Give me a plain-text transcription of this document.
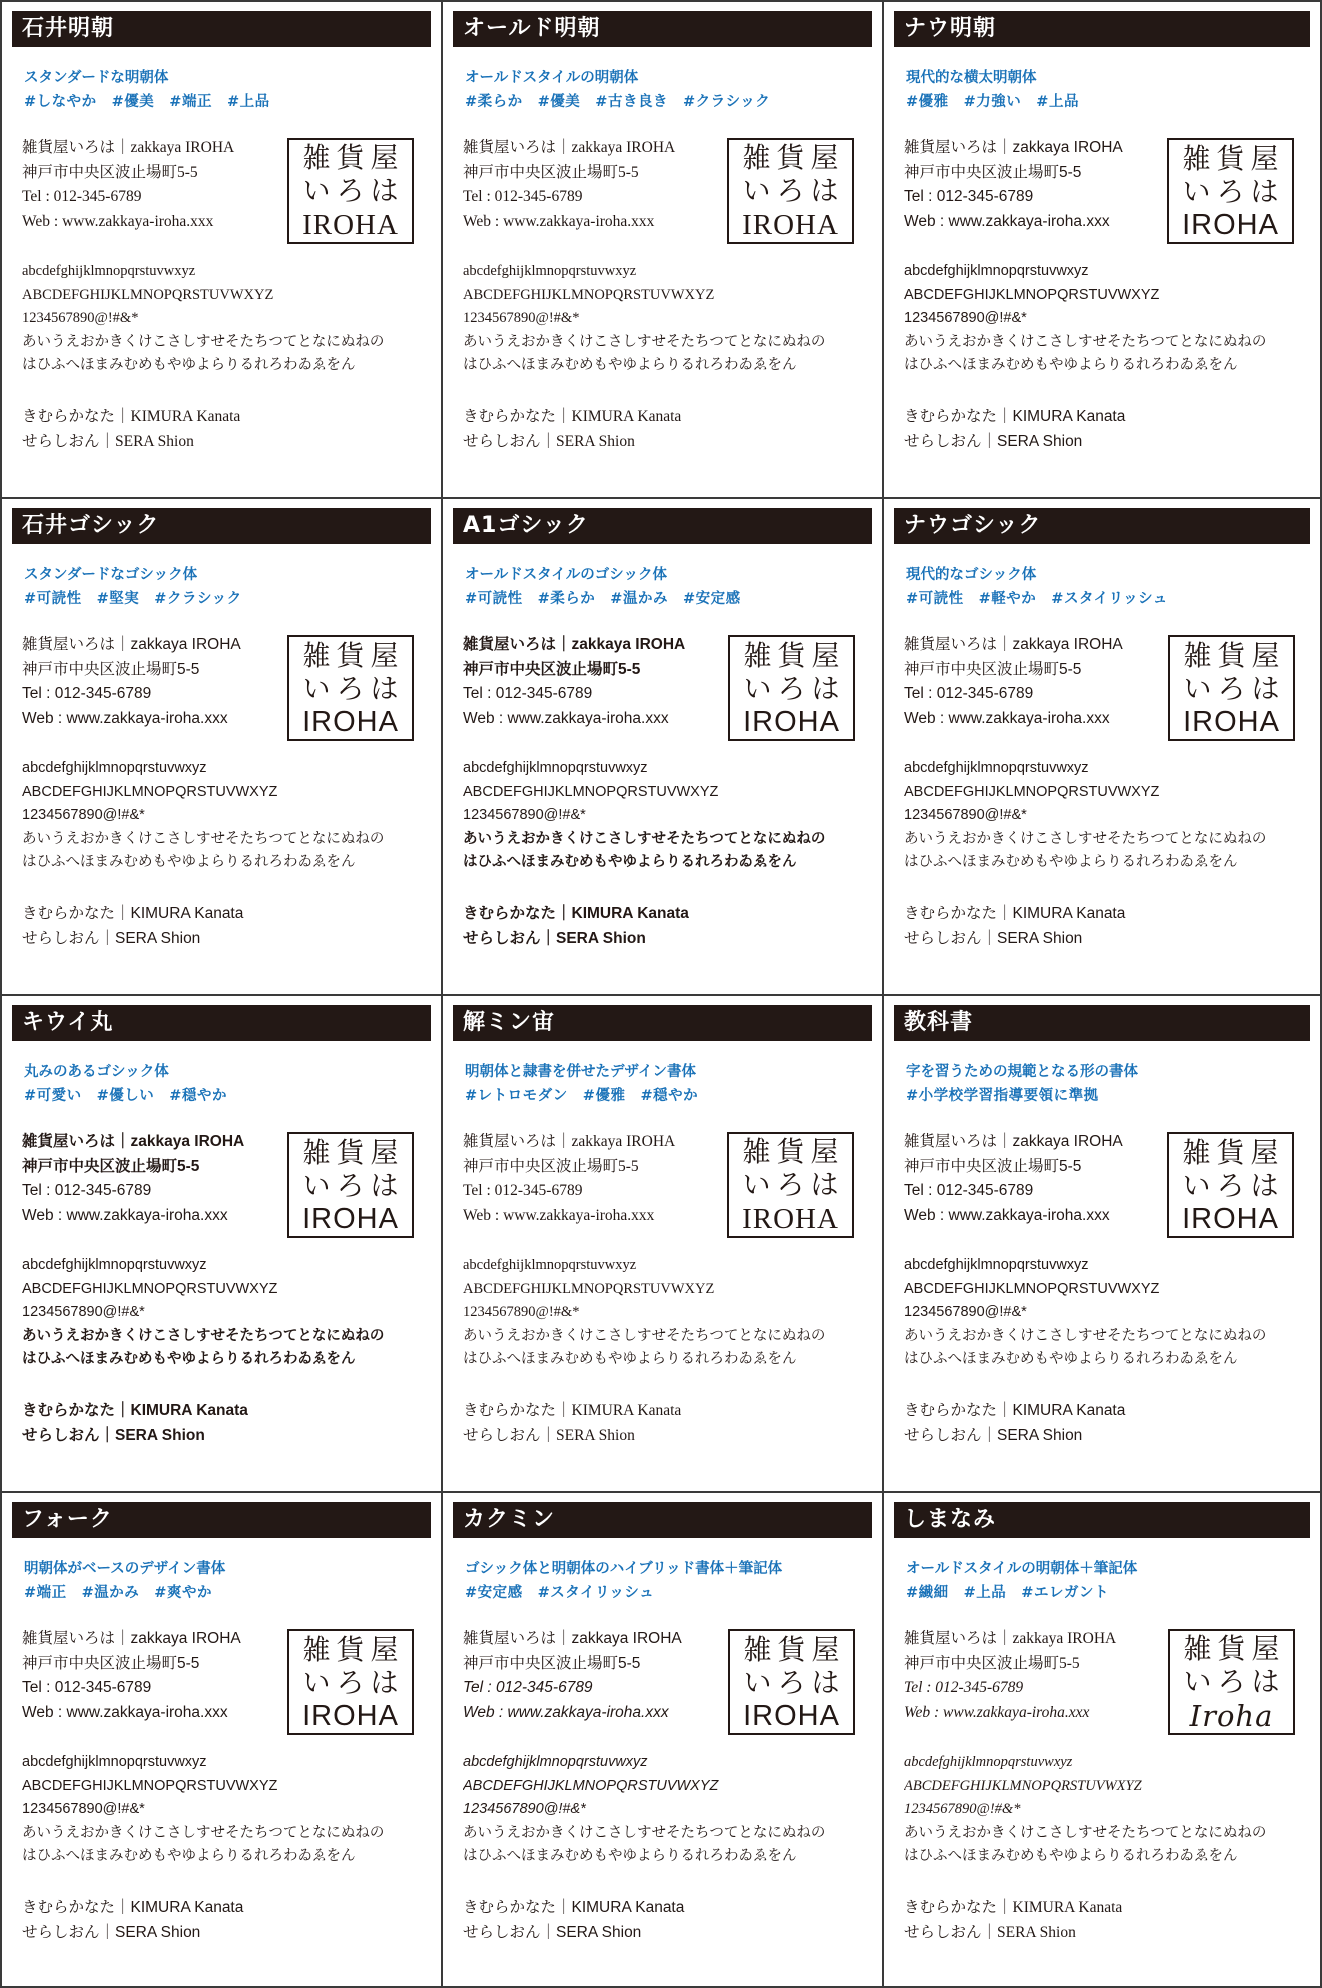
石井明朝
スタンダードな明朝体
#しなやか　#優美　#端正　#上品
雑貨屋いろは｜zakkaya IROHA
神戸市中央区波止場町5-5
Tel : 012-345-6789
Web : www.zakkaya-iroha.xxx
雑貨屋
いろは
IROHA
abcdefghijklmnopqrstuvwxyz
ABCDEFGHIJKLMNOPQRSTUVWXYZ
1234567890@!#&*
あいうえおかきくけこさしすせそたちつてとなにぬねの
はひふへほまみむめもやゆよらりるれろわゐゑをん
きむらかなた｜KIMURA Kanata
せらしおん｜SERA Shion
オールド明朝
オールドスタイルの明朝体
#柔らか　#優美　#古き良き　#クラシック
雑貨屋いろは｜zakkaya IROHA
神戸市中央区波止場町5-5
Tel : 012-345-6789
Web : www.zakkaya-iroha.xxx
雑貨屋
いろは
IROHA
abcdefghijklmnopqrstuvwxyz
ABCDEFGHIJKLMNOPQRSTUVWXYZ
1234567890@!#&*
あいうえおかきくけこさしすせそたちつてとなにぬねの
はひふへほまみむめもやゆよらりるれろわゐゑをん
きむらかなた｜KIMURA Kanata
せらしおん｜SERA Shion
ナウ明朝
現代的な横太明朝体
#優雅　#力強い　#上品
雑貨屋いろは｜zakkaya IROHA
神戸市中央区波止場町5-5
Tel : 012-345-6789
Web : www.zakkaya-iroha.xxx
雑貨屋
いろは
IROHA
abcdefghijklmnopqrstuvwxyz
ABCDEFGHIJKLMNOPQRSTUVWXYZ
1234567890@!#&*
あいうえおかきくけこさしすせそたちつてとなにぬねの
はひふへほまみむめもやゆよらりるれろわゐゑをん
きむらかなた｜KIMURA Kanata
せらしおん｜SERA Shion
石井ゴシック
スタンダードなゴシック体
#可読性　#堅実　#クラシック
雑貨屋いろは｜zakkaya IROHA
神戸市中央区波止場町5-5
Tel : 012-345-6789
Web : www.zakkaya-iroha.xxx
雑貨屋
いろは
IROHA
abcdefghijklmnopqrstuvwxyz
ABCDEFGHIJKLMNOPQRSTUVWXYZ
1234567890@!#&*
あいうえおかきくけこさしすせそたちつてとなにぬねの
はひふへほまみむめもやゆよらりるれろわゐゑをん
きむらかなた｜KIMURA Kanata
せらしおん｜SERA Shion
A1ゴシック
オールドスタイルのゴシック体
#可読性　#柔らか　#温かみ　#安定感
雑貨屋いろは｜zakkaya IROHA
神戸市中央区波止場町5-5
Tel : 012-345-6789
Web : www.zakkaya-iroha.xxx
雑貨屋
いろは
IROHA
abcdefghijklmnopqrstuvwxyz
ABCDEFGHIJKLMNOPQRSTUVWXYZ
1234567890@!#&*
あいうえおかきくけこさしすせそたちつてとなにぬねの
はひふへほまみむめもやゆよらりるれろわゐゑをん
きむらかなた｜KIMURA Kanata
せらしおん｜SERA Shion
ナウゴシック
現代的なゴシック体
#可読性　#軽やか　#スタイリッシュ
雑貨屋いろは｜zakkaya IROHA
神戸市中央区波止場町5-5
Tel : 012-345-6789
Web : www.zakkaya-iroha.xxx
雑貨屋
いろは
IROHA
abcdefghijklmnopqrstuvwxyz
ABCDEFGHIJKLMNOPQRSTUVWXYZ
1234567890@!#&*
あいうえおかきくけこさしすせそたちつてとなにぬねの
はひふへほまみむめもやゆよらりるれろわゐゑをん
きむらかなた｜KIMURA Kanata
せらしおん｜SERA Shion
キウイ丸
丸みのあるゴシック体
#可愛い　#優しい　#穏やか
雑貨屋いろは｜zakkaya IROHA
神戸市中央区波止場町5-5
Tel : 012-345-6789
Web : www.zakkaya-iroha.xxx
雑貨屋
いろは
IROHA
abcdefghijklmnopqrstuvwxyz
ABCDEFGHIJKLMNOPQRSTUVWXYZ
1234567890@!#&*
あいうえおかきくけこさしすせそたちつてとなにぬねの
はひふへほまみむめもやゆよらりるれろわゐゑをん
きむらかなた｜KIMURA Kanata
せらしおん｜SERA Shion
解ミン宙
明朝体と隷書を併せたデザイン書体
#レトロモダン　#優雅　#穏やか
雑貨屋いろは｜zakkaya IROHA
神戸市中央区波止場町5-5
Tel : 012-345-6789
Web : www.zakkaya-iroha.xxx
雑貨屋
いろは
IROHA
abcdefghijklmnopqrstuvwxyz
ABCDEFGHIJKLMNOPQRSTUVWXYZ
1234567890@!#&*
あいうえおかきくけこさしすせそたちつてとなにぬねの
はひふへほまみむめもやゆよらりるれろわゐゑをん
きむらかなた｜KIMURA Kanata
せらしおん｜SERA Shion
教科書
字を習うための規範となる形の書体
#小学校学習指導要領に準拠
雑貨屋いろは｜zakkaya IROHA
神戸市中央区波止場町5-5
Tel : 012-345-6789
Web : www.zakkaya-iroha.xxx
雑貨屋
いろは
IROHA
abcdefghijklmnopqrstuvwxyz
ABCDEFGHIJKLMNOPQRSTUVWXYZ
1234567890@!#&*
あいうえおかきくけこさしすせそたちつてとなにぬねの
はひふへほまみむめもやゆよらりるれろわゐゑをん
きむらかなた｜KIMURA Kanata
せらしおん｜SERA Shion
フォーク
明朝体がベースのデザイン書体
#端正　#温かみ　#爽やか
雑貨屋いろは｜zakkaya IROHA
神戸市中央区波止場町5-5
Tel : 012-345-6789
Web : www.zakkaya-iroha.xxx
雑貨屋
いろは
IROHA
abcdefghijklmnopqrstuvwxyz
ABCDEFGHIJKLMNOPQRSTUVWXYZ
1234567890@!#&*
あいうえおかきくけこさしすせそたちつてとなにぬねの
はひふへほまみむめもやゆよらりるれろわゐゑをん
きむらかなた｜KIMURA Kanata
せらしおん｜SERA Shion
カクミン
ゴシック体と明朝体のハイブリッド書体＋筆記体
#安定感　#スタイリッシュ
雑貨屋いろは｜zakkaya IROHA
神戸市中央区波止場町5-5
Tel : 012-345-6789
Web : www.zakkaya-iroha.xxx
雑貨屋
いろは
IROHA
abcdefghijklmnopqrstuvwxyz
ABCDEFGHIJKLMNOPQRSTUVWXYZ
1234567890@!#&*
あいうえおかきくけこさしすせそたちつてとなにぬねの
はひふへほまみむめもやゆよらりるれろわゐゑをん
きむらかなた｜KIMURA Kanata
せらしおん｜SERA Shion
しまなみ
オールドスタイルの明朝体＋筆記体
#繊細　#上品　#エレガント
雑貨屋いろは｜zakkaya IROHA
神戸市中央区波止場町5-5
Tel : 012-345-6789
Web : www.zakkaya-iroha.xxx
雑貨屋
いろは
Iroha
abcdefghijklmnopqrstuvwxyz
ABCDEFGHIJKLMNOPQRSTUVWXYZ
1234567890@!#&*
あいうえおかきくけこさしすせそたちつてとなにぬねの
はひふへほまみむめもやゆよらりるれろわゐゑをん
きむらかなた｜KIMURA Kanata
せらしおん｜SERA Shion
